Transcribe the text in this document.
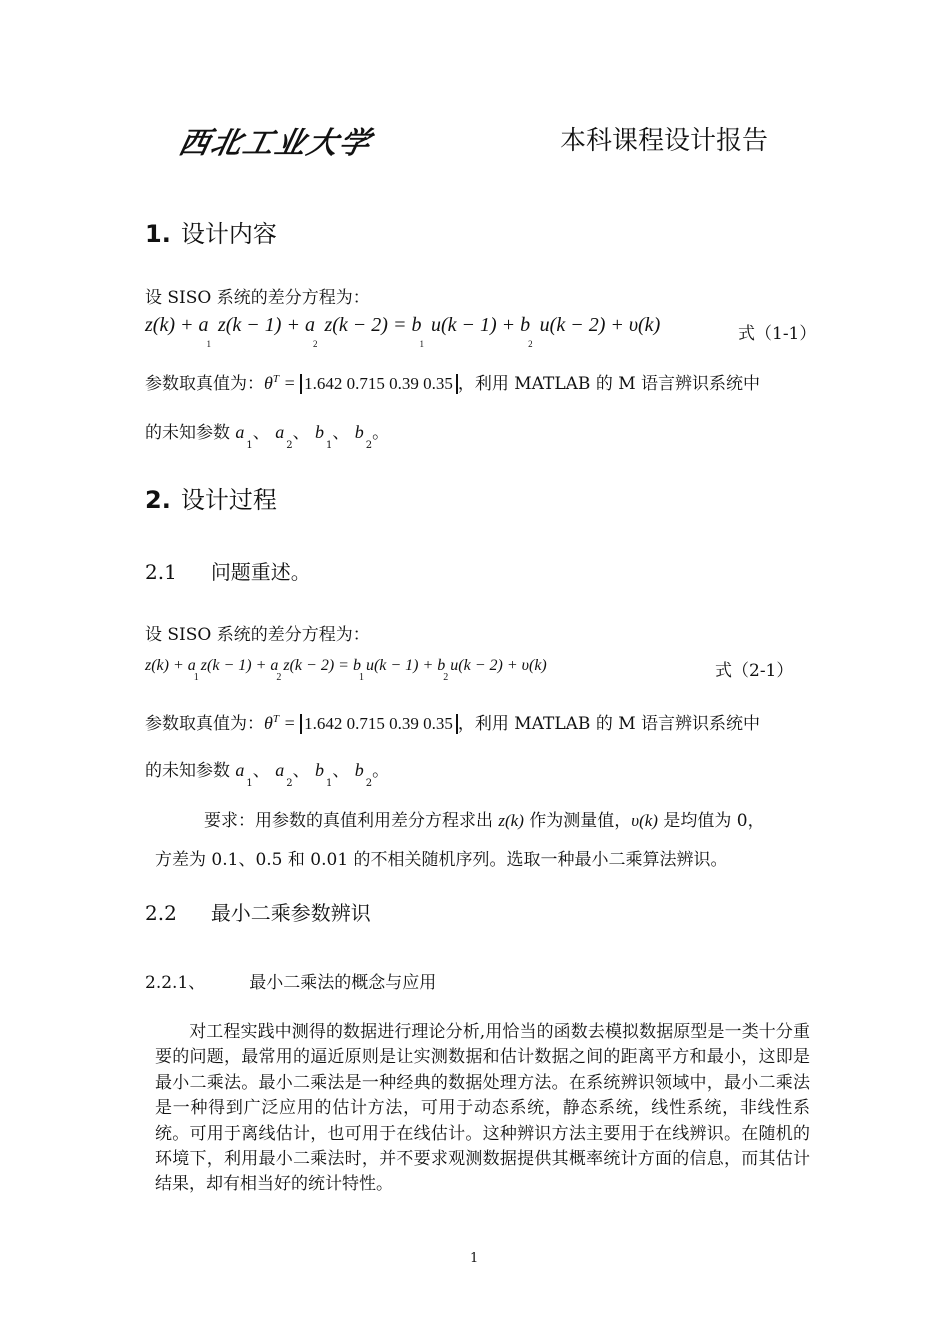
西北工业大学	本科课程设计报告
1. 设计内容
设 SISO 系统的差分方程为：
$z(k) + a_1$ $z(k - 1) + a_2$ $z(k - 2) = b_1$ $u(k - 1) + b_2$ u(k − 2) + υ(k)	式（1-1）
参数取真值为：$\theta^T = 1.642$ 0.715 0.39 0.35 ，利用 MATLAB 的 M 语言辨识系统中
的未知参数 $a_1$、 $a_2$、 $b_1$、 $b_2$。
2. 设计过程
2.1 问题重述。
设 SISO 系统的差分方程为：
$z(k) + a_1z(k - 1) + a_2z(k - 2) = b_1u(k - 1) + b_2u(k - 2) + \upsilon(k)$	式（2-1）
参数取真值为：$\theta^T = 1.642$ 0.715 0.39 0.35 ，利用 MATLAB 的 M 语言辨识系统中
的未知参数 $a_1$、 $a_2$、 $b_1$、 $b_2$。
要求：用参数的真值利用差分方程求出 z(k) 作为测量值，υ(k) 是均值为 0，
方差为 0.1、0.5 和 0.01 的不相关随机序列。选取一种最小二乘算法辨识。
2.2 最小二乘参数辨识
2.2.1、	最小二乘法的概念与应用
　　对工程实践中测得的数据进行理论分析,用恰当的函数去模拟数据原型是一类十分重要的问题，最常用的逼近原则是让实测数据和估计数据之间的距离平方和最小，这即是最小二乘法。最小二乘法是一种经典的数据处理方法。在系统辨识领域中，最小二乘法是一种得到广泛应用的估计方法，可用于动态系统，静态系统，线性系统，非线性系统。可用于离线估计，也可用于在线估计。这种辨识方法主要用于在线辨识。在随机的环境下，利用最小二乘法时，并不要求观测数据提供其概率统计方面的信息，而其估计结果，却有相当好的统计特性。
1
